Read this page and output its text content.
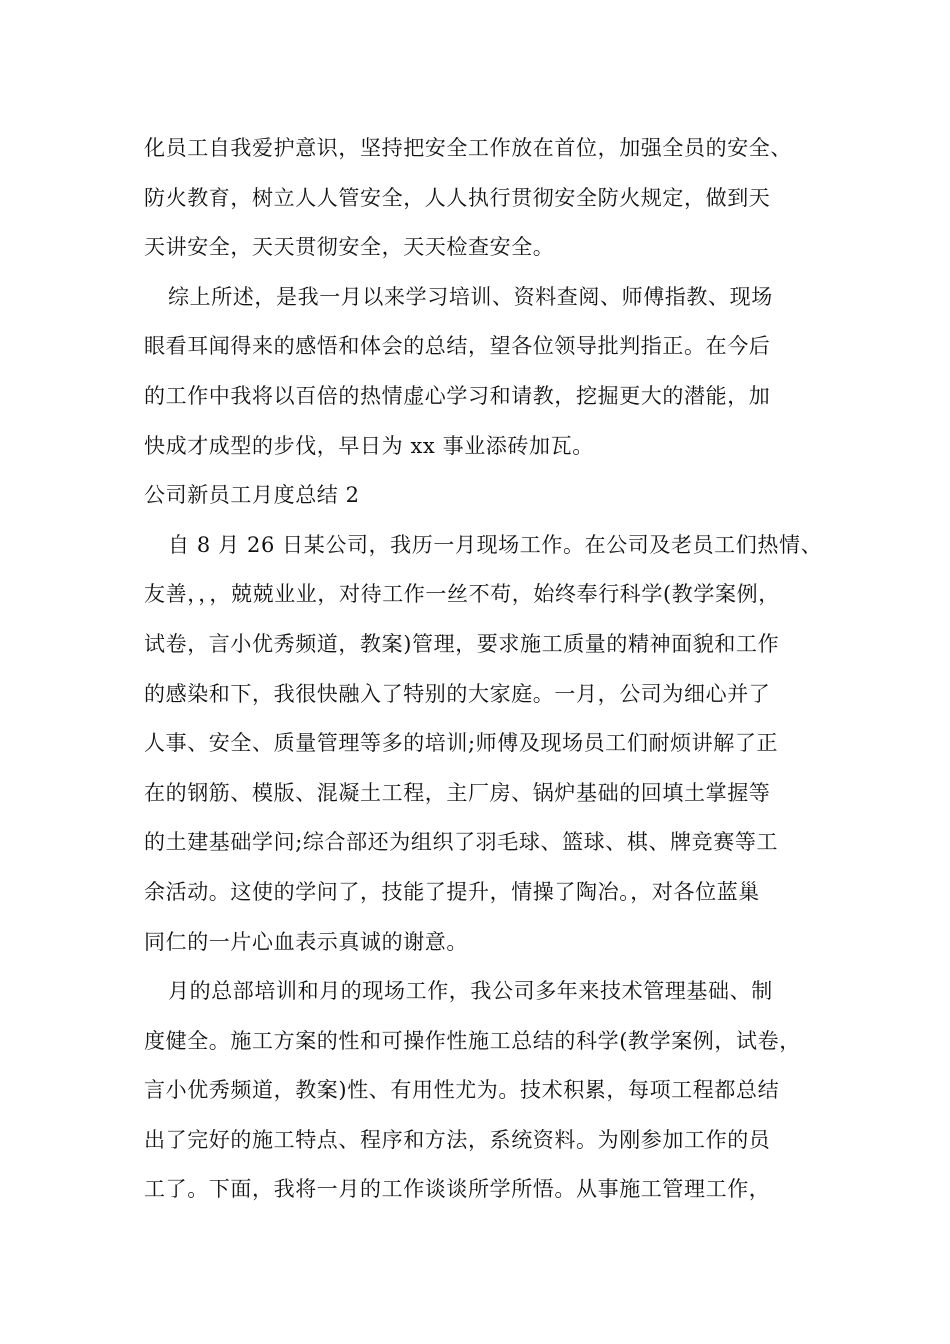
化员工自我爱护意识，坚持把安全工作放在首位，加强全员的安全、
防火教育，树立人人管安全，人人执行贯彻安全防火规定，做到天
天讲安全，天天贯彻安全，天天检查安全。
综上所述，是我一月以来学习培训、资料查阅、师傅指教、现场
眼看耳闻得来的感悟和体会的总结，望各位领导批判指正。在今后
的工作中我将以百倍的热情虚心学习和请教，挖掘更大的潜能，加
快成才成型的步伐，早日为 xx 事业添砖加瓦。
公司新员工月度总结 2
自 8 月 26 日某公司，我历一月现场工作。在公司及老员工们热情、
友善，，，兢兢业业，对待工作一丝不苟，始终奉行科学(教学案例，
试卷，言小优秀频道，教案)管理，要求施工质量的精神面貌和工作
的感染和下，我很快融入了特别的大家庭。一月，公司为细心并了
人事、安全、质量管理等多的培训;师傅及现场员工们耐烦讲解了正
在的钢筋、模版、混凝土工程，主厂房、锅炉基础的回填土掌握等
的土建基础学问;综合部还为组织了羽毛球、篮球、棋、牌竞赛等工
余活动。这使的学问了，技能了提升，情操了陶冶。，对各位蓝巢
同仁的一片心血表示真诚的谢意。
月的总部培训和月的现场工作，我公司多年来技术管理基础、制
度健全。施工方案的性和可操作性施工总结的科学(教学案例，试卷，
言小优秀频道，教案)性、有用性尤为。技术积累，每项工程都总结
出了完好的施工特点、程序和方法，系统资料。为刚参加工作的员
工了。下面，我将一月的工作谈谈所学所悟。从事施工管理工作，
